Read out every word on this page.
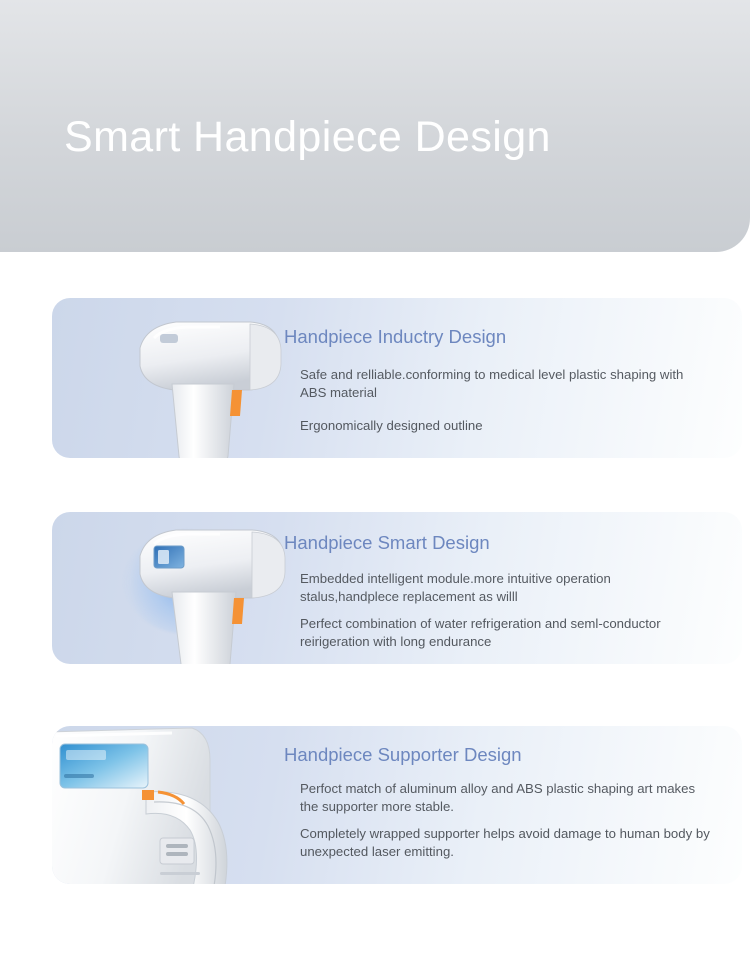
Smart Handpiece Design
Handpiece Inductry Design
Safe and relliable.conforming to medical level plastic shaping with ABS material
Ergonomically designed outline
Handpiece Smart Design
Embedded intelligent module.more intuitive operation stalus,handplece replacement as willl
Perfect combination of water refrigeration and seml-conductor reirigeration with long endurance
Handpiece Supporter Design
Perfoct match of aluminum alloy and ABS plastic shaping art makes the supporter more stable.
Completely wrapped supporter helps avoid damage to human body by unexpected laser emitting.
